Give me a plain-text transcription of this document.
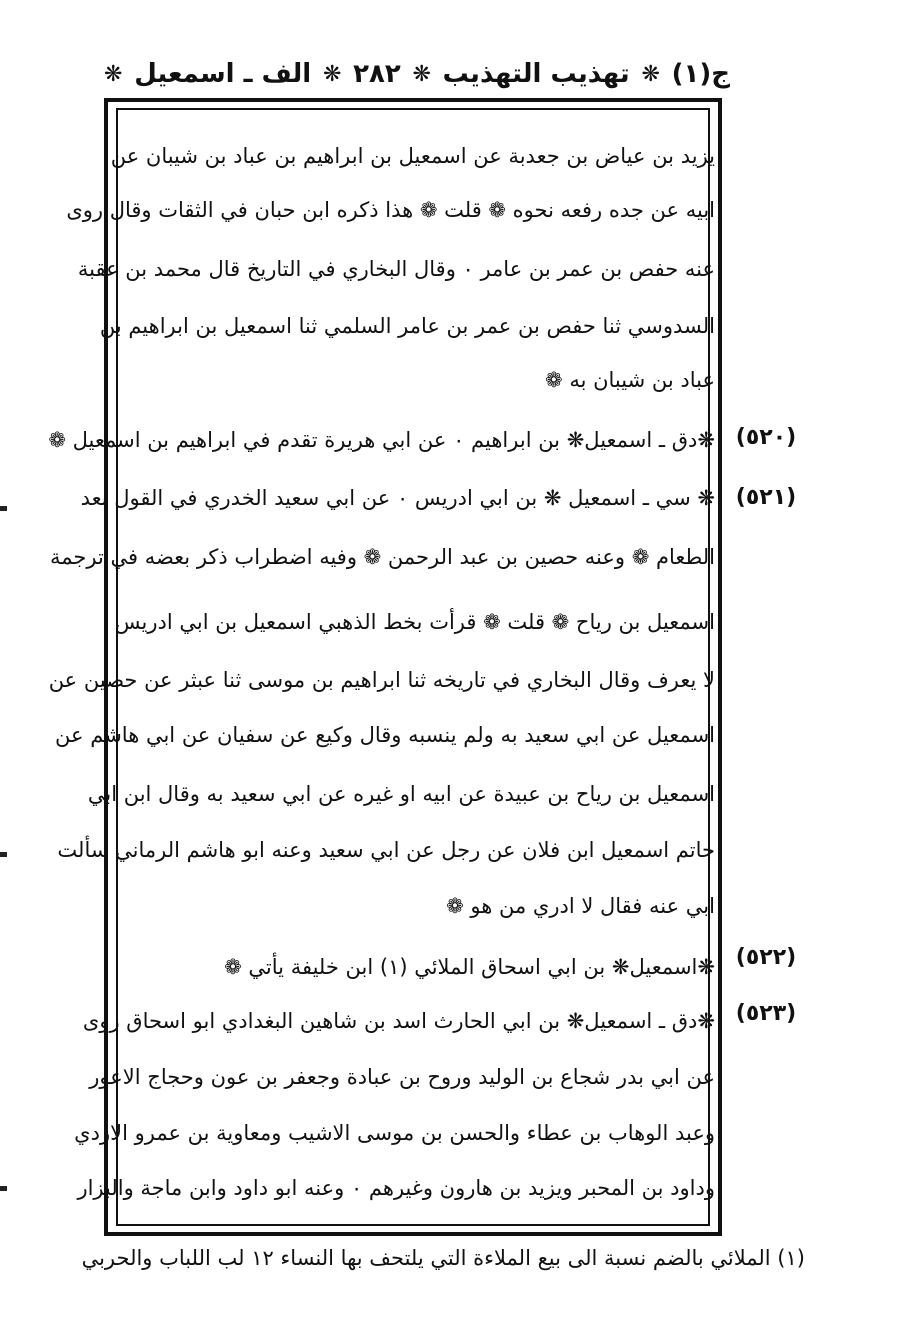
ج(١)
❋
تهذيب التهذيب
❋
٢٨٢
❋
الف ـ اسمعيل
❋
يزيد بن عياض بن جعدبة عن اسمعيل بن ابراهيم بن عباد بن شيبان عن
ابيه عن جده رفعه نحوه ❁ قلت ❁ هذا ذكره ابن حبان في الثقات وقال روى
عنه حفص بن عمر بن عامر ٠ وقال البخاري في التاريخ قال محمد بن عقبة
السدوسي ثنا حفص بن عمر بن عامر السلمي ثنا اسمعيل بن ابراهيم بن
عباد بن شيبان به ❁
❋دق ـ اسمعيل❋ بن ابراهيم ٠ عن ابي هريرة تقدم في ابراهيم بن اسمعيل ❁
❋ سي ـ اسمعيل ❋ بن ابي ادريس ٠ عن ابي سعيد الخدري في القول بعد
الطعام ❁ وعنه حصين بن عبد الرحمن ❁ وفيه اضطراب ذكر بعضه في ترجمة
اسمعيل بن رياح ❁ قلت ❁ قرأت بخط الذهبي اسمعيل بن ابي ادريس
لا يعرف وقال البخاري في تاريخه ثنا ابراهيم بن موسى ثنا عبثر عن حصين عن
اسمعيل عن ابي سعيد به ولم ينسبه وقال وكيع عن سفيان عن ابي هاشم عن
اسمعيل بن رياح بن عبيدة عن ابيه او غيره عن ابي سعيد به وقال ابن ابي
حاتم اسمعيل ابن فلان عن رجل عن ابي سعيد وعنه ابو هاشم الرماني سألت
ابي عنه فقال لا ادري من هو ❁
❋اسمعيل❋ بن ابي اسحاق الملائي (١) ابن خليفة يأتي ❁
❋دق ـ اسمعيل❋ بن ابي الحارث اسد بن شاهين البغدادي ابو اسحاق روى
عن ابي بدر شجاع بن الوليد وروح بن عبادة وجعفر بن عون وحجاج الاعور
وعبد الوهاب بن عطاء والحسن بن موسى الاشيب ومعاوية بن عمرو الازدي
وداود بن المحبر ويزيد بن هارون وغيرهم ٠ وعنه ابو داود وابن ماجة والبزار
(٥٢٠)
(٥٢١)
(٥٢٢)
(٥٢٣)
(١) الملائي بالضم نسبة الى بيع الملاءة التي يلتحف بها النساء ١٢ لب اللباب والحربي
